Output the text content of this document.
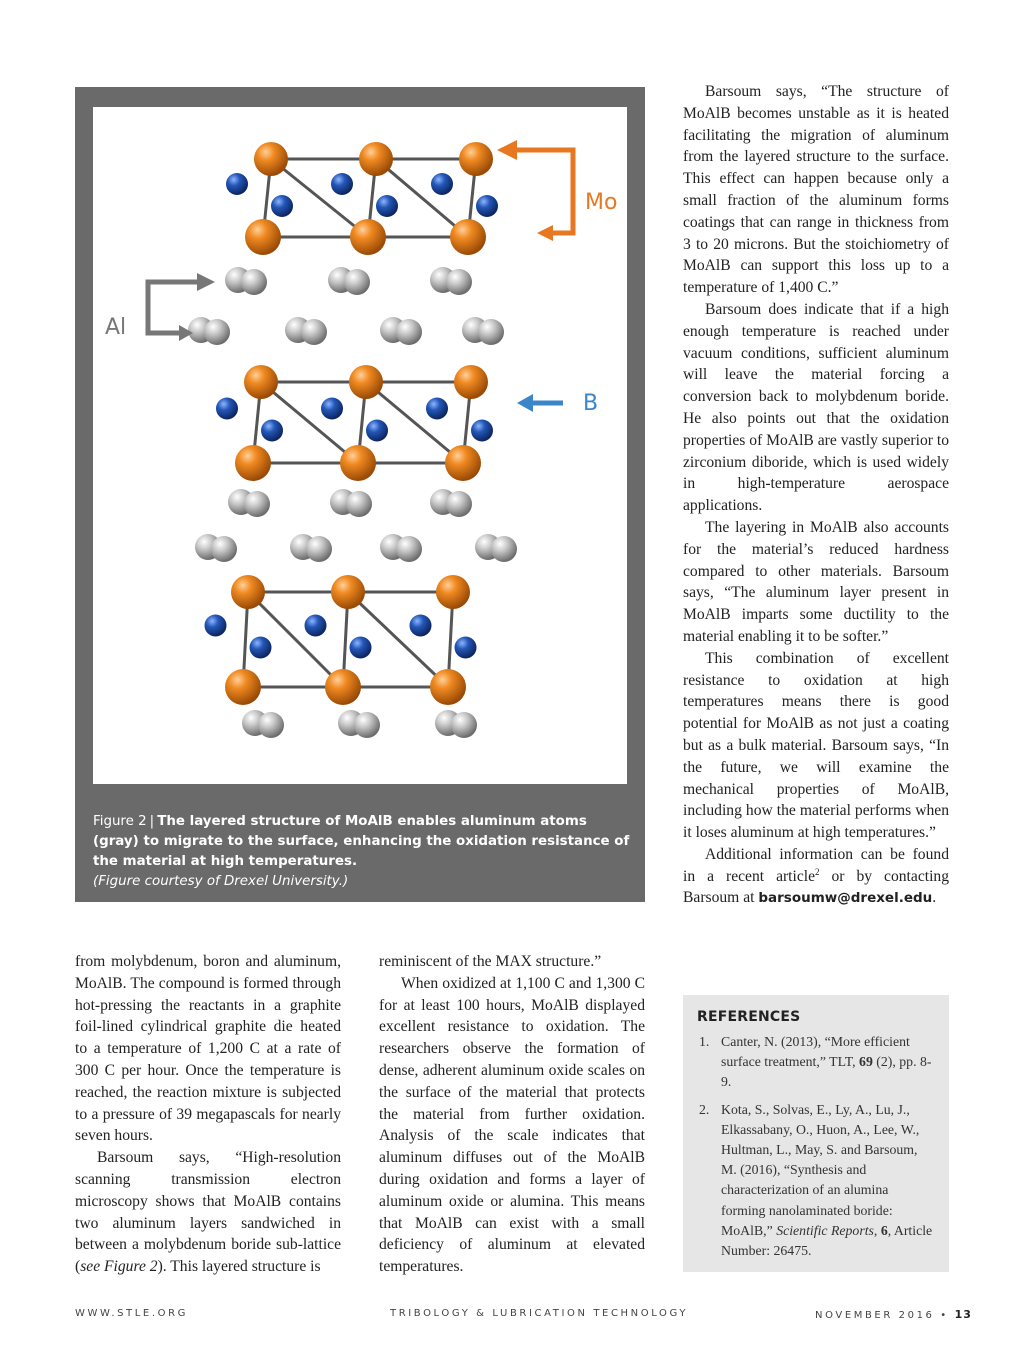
Mo
Al
B
Figure 2 | The layered structure of MoAlB enables aluminum atoms (gray) to migrate to the surface, enhancing the oxidation resistance of the material at high temperatures.
(Figure courtesy of Drexel University.)

Barsoum says, “The structure of MoAlB becomes unstable as it is heated facilitating the migration of aluminum from the layered structure to the surface. This effect can happen because only a small fraction of the aluminum forms coatings that can range in thickness from 3 to 20 microns. But the stoichiometry of MoAlB can support this loss up to a temperature of 1,400 C.”

Barsoum does indicate that if a high enough temperature is reached under vacuum conditions, sufficient aluminum will leave the material forcing a conversion back to molybdenum boride. He also points out that the oxidation properties of MoAlB are vastly superior to zirconium diboride, which is used widely in high-temperature aerospace applications.

The layering in MoAlB also accounts for the material’s reduced hardness compared to other materials. Barsoum says, “The aluminum layer present in MoAlB imparts some ductility to the material enabling it to be softer.”

This combination of excellent resistance to oxidation at high temperatures means there is good potential for MoAlB as not just a coating but as a bulk material. Barsoum says, “In the future, we will examine the mechanical properties of MoAlB, including how the material performs when it loses aluminum at high temperatures.”

Additional information can be found in a recent article$^2$ or by contacting Barsoum at barsoumw@drexel.edu.

from molybdenum, boron and aluminum, MoAlB. The compound is formed through hot-pressing the reactants in a graphite foil-lined cylindrical graphite die heated to a temperature of 1,200 C at a rate of 300 C per hour. Once the temperature is reached, the reaction mixture is subjected to a pressure of 39 megapascals for nearly seven hours.

Barsoum says, “High-resolution scanning transmission electron microscopy shows that MoAlB contains two aluminum layers sandwiched in between a molybdenum boride sub-lattice (see Figure 2). This layered structure is

reminiscent of the MAX structure.”

When oxidized at 1,100 C and 1,300 C for at least 100 hours, MoAlB displayed excellent resistance to oxidation. The researchers observe the formation of dense, adherent aluminum oxide scales on the surface of the material that protects the material from further oxidation. Analysis of the scale indicates that aluminum diffuses out of the MoAlB during oxidation and forms a layer of aluminum oxide or alumina. This means that MoAlB can exist with a small deficiency of aluminum at elevated temperatures.

REFERENCES
1. Canter, N. (2013), “More efficient surface treatment,” TLT, 69 (2), pp. 8-9.
2. Kota, S., Solvas, E., Ly, A., Lu, J., Elkassabany, O., Huon, A., Lee, W., Hultman, L., May, S. and Barsoum, M. (2016), “Synthesis and characterization of an alumina forming nanolaminated boride: MoAlB,” Scientific Reports, 6, Article Number: 26475.
WWW.STLE.ORG	TRIBOLOGY & LUBRICATION TECHNOLOGY	NOVEMBER 2016 • 13
